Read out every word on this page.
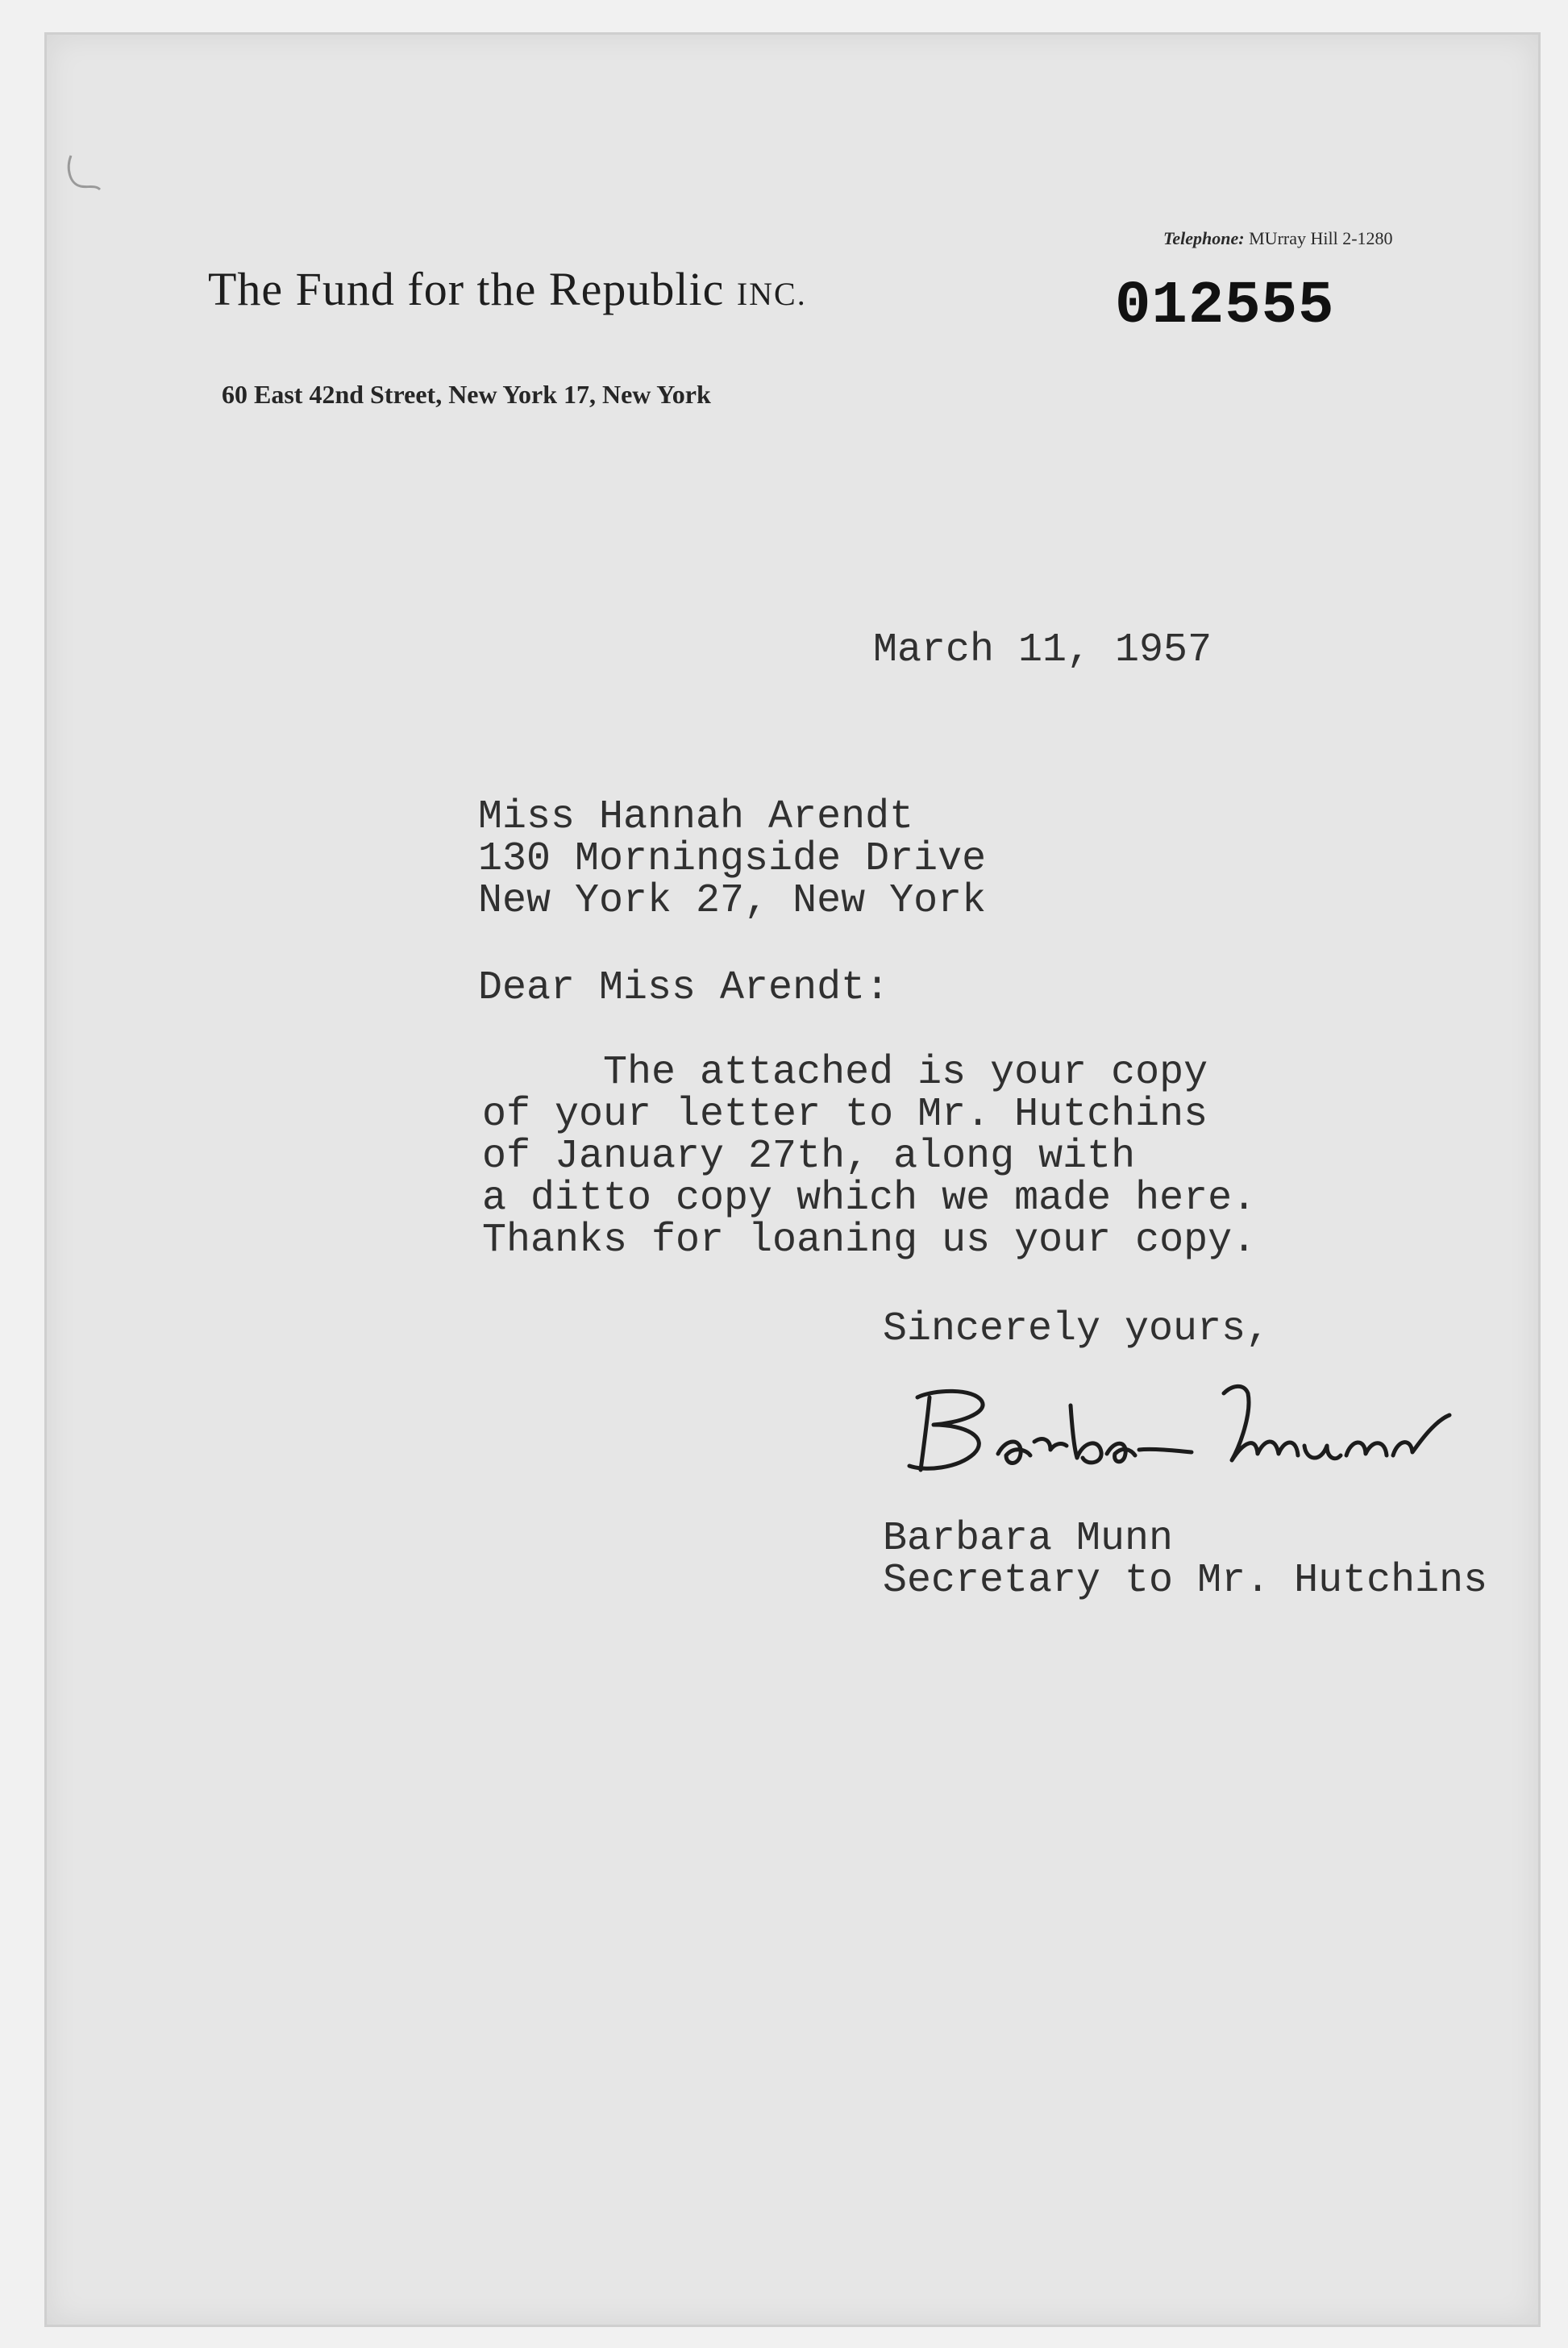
Telephone: MUrray Hill 2-1280
The Fund for the Republic INC.	012555
60 East 42nd Street, New York 17, New York
March 11, 1957
Miss Hannah Arendt
130 Morningside Drive
New York 27, New York
Dear Miss Arendt:
The attached is your copy
of your letter to Mr. Hutchins
of January 27th, along with
a ditto copy which we made here.
Thanks for loaning us your copy.
Sincerely yours,
Barbara Munn
Secretary to Mr. Hutchins
